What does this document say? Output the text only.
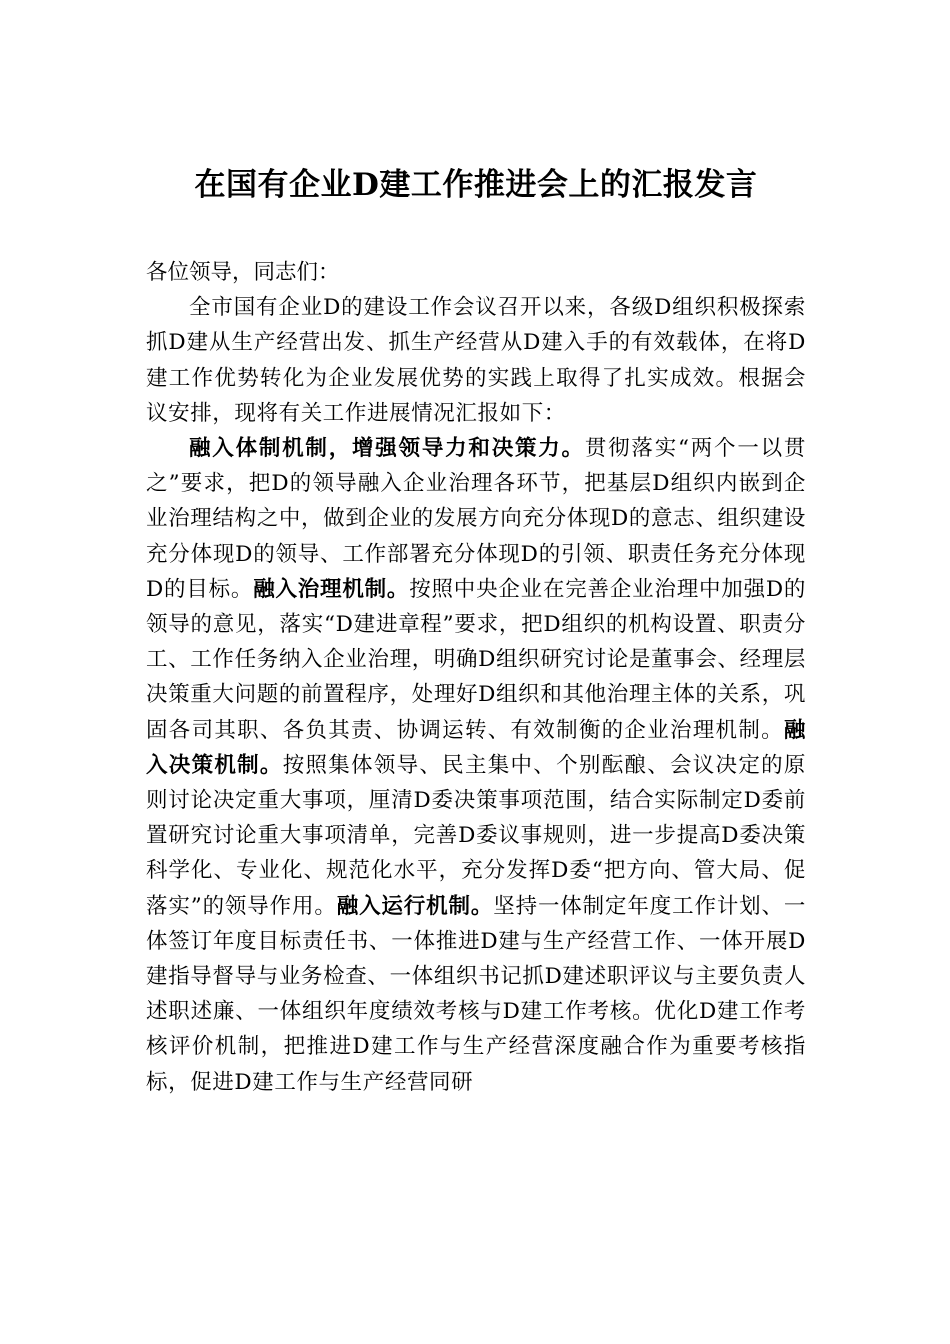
在国有企业D建工作推进会上的汇报发言

各位领导，同志们：

全市国有企业D的建设工作会议召开以来，各级D组织积极探索抓D建从生产经营出发、抓生产经营从D建入手的有效载体，在将D建工作优势转化为企业发展优势的实践上取得了扎实成效。根据会议安排，现将有关工作进展情况汇报如下：

融入体制机制，增强领导力和决策力。贯彻落实“两个一以贯之”要求，把D的领导融入企业治理各环节，把基层D组织内嵌到企业治理结构之中，做到企业的发展方向充分体现D的意志、组织建设充分体现D的领导、工作部署充分体现D的引领、职责任务充分体现D的目标。融入治理机制。按照中央企业在完善企业治理中加强D的领导的意见，落实“D建进章程”要求，把D组织的机构设置、职责分工、工作任务纳入企业治理，明确D组织研究讨论是董事会、经理层决策重大问题的前置程序，处理好D组织和其他治理主体的关系，巩固各司其职、各负其责、协调运转、有效制衡的企业治理机制。融入决策机制。按照集体领导、民主集中、个别酝酿、会议决定的原则讨论决定重大事项，厘清D委决策事项范围，结合实际制定D委前置研究讨论重大事项清单，完善D委议事规则，进一步提高D委决策科学化、专业化、规范化水平，充分发挥D委“把方向、管大局、促落实”的领导作用。融入运行机制。坚持一体制定年度工作计划、一体签订年度目标责任书、一体推进D建与生产经营工作、一体开展D建指导督导与业务检查、一体组织书记抓D建述职评议与主要负责人述职述廉、一体组织年度绩效考核与D建工作考核。优化D建工作考核评价机制，把推进D建工作与生产经营深度融合作为重要考核指标，促进D建工作与生产经营同研
